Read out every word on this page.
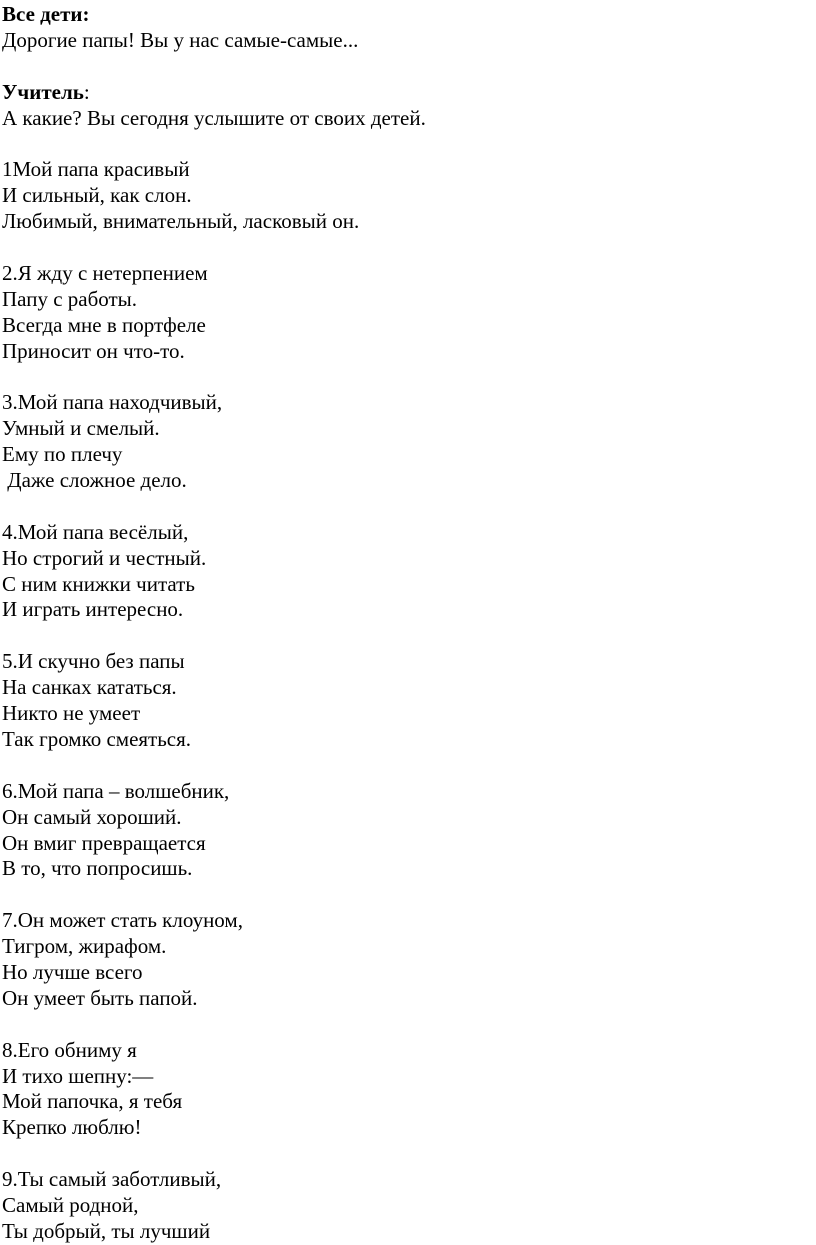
Все дети:
Дорогие папы! Вы у нас самые-самые...
Учитель:
А какие? Вы сегодня услышите от своих детей.
1Мой папа красивый
И сильный, как слон.
Любимый, внимательный, ласковый он.
2.Я жду с нетерпением
Папу с работы.
Всегда мне в портфеле
Приносит он что-то.
3.Мой папа находчивый,
Умный и смелый.
Ему по плечу
Даже сложное дело.
4.Мой папа весёлый,
Но строгий и честный.
С ним книжки читать
И играть интересно.
5.И скучно без папы
На санках кататься.
Никто не умеет
Так громко смеяться.
6.Мой папа – волшебник,
Он самый хороший.
Он вмиг превращается
В то, что попросишь.
7.Он может стать клоуном,
Тигром, жирафом.
Но лучше всего
Он умеет быть папой.
8.Его обниму я
И тихо шепну:—
Мой папочка, я тебя
Крепко люблю!
9.Ты самый заботливый,
Самый родной,
Ты добрый, ты лучший
